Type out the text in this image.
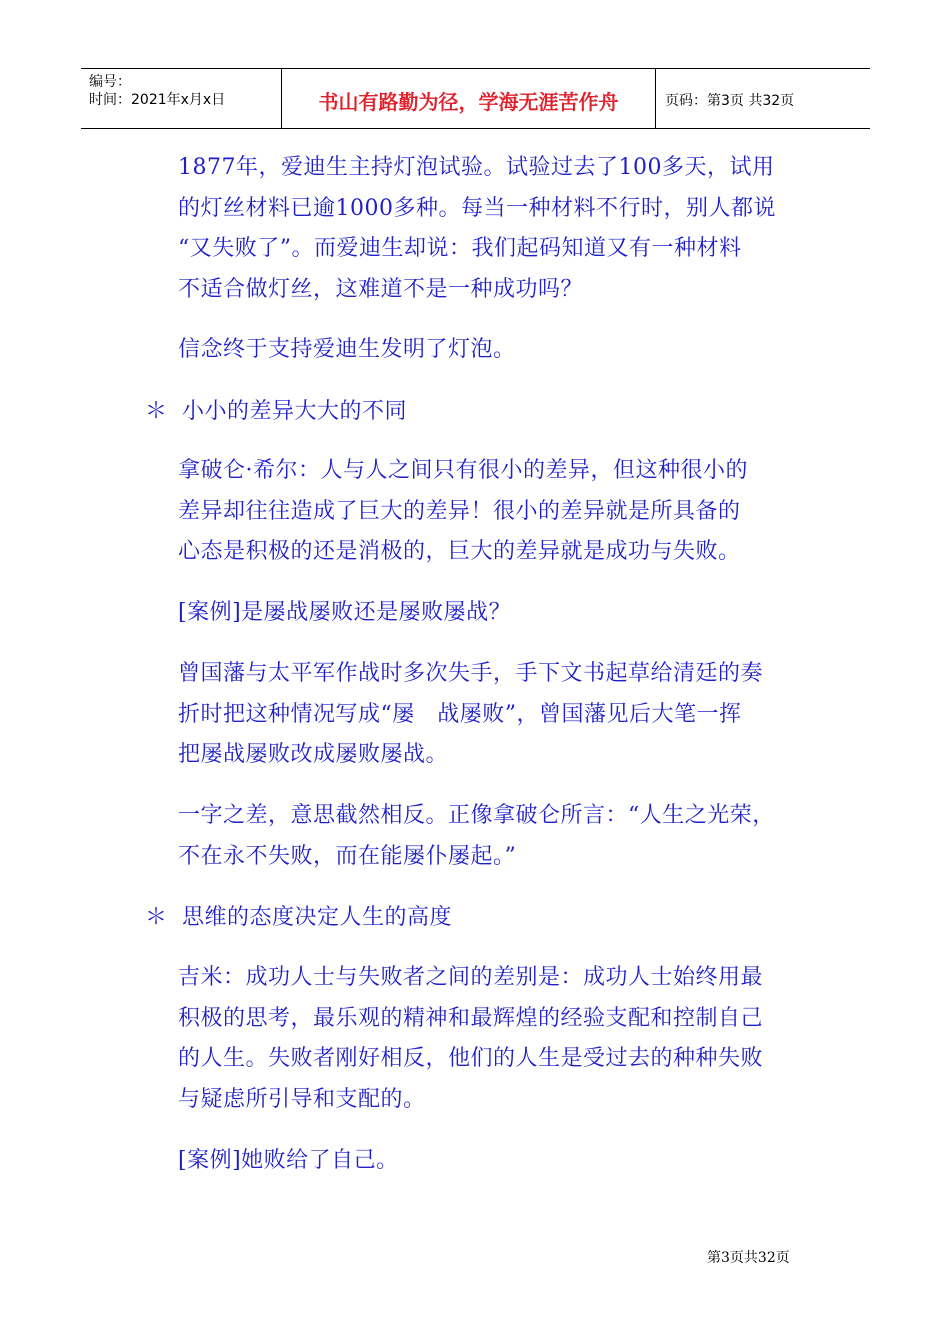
编号：
时间：2021年x月x日	书山有路勤为径，学海无涯苦作舟	页码：第3页 共32页
1877年，爱迪生主持灯泡试验。试验过去了100多天，试用
的灯丝材料已逾1000多种。每当一种材料不行时，别人都说
“又失败了”。而爱迪生却说：我们起码知道又有一种材料
不适合做灯丝，这难道不是一种成功吗？
信念终于支持爱迪生发明了灯泡。
＊ 小小的差异大大的不同
拿破仑·希尔：人与人之间只有很小的差异，但这种很小的
差异却往往造成了巨大的差异！很小的差异就是所具备的
心态是积极的还是消极的，巨大的差异就是成功与失败。
[案例]是屡战屡败还是屡败屡战？
曾国藩与太平军作战时多次失手，手下文书起草给清廷的奏
折时把这种情况写成“屡　战屡败”，曾国藩见后大笔一挥
把屡战屡败改成屡败屡战。
一字之差，意思截然相反。正像拿破仑所言：“人生之光荣，
不在永不失败，而在能屡仆屡起。”
＊ 思维的态度决定人生的高度
吉米：成功人士与失败者之间的差别是：成功人士始终用最
积极的思考，最乐观的精神和最辉煌的经验支配和控制自己
的人生。失败者刚好相反，他们的人生是受过去的种种失败
与疑虑所引导和支配的。
[案例]她败给了自己。
第3页共32页
